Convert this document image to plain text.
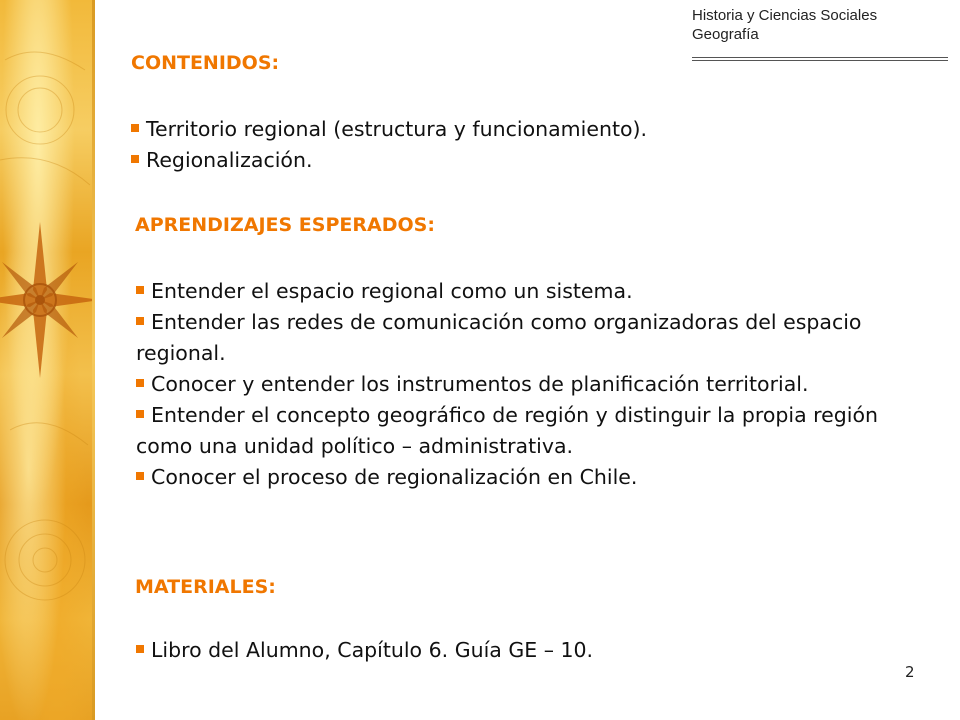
Historia y Ciencias Sociales
Geografía
CONTENIDOS:
Territorio regional (estructura y funcionamiento).
Regionalización.
APRENDIZAJES ESPERADOS:
Entender el espacio regional como un sistema.
Entender las redes de comunicación como organizadoras del espacio regional.
Conocer y entender los instrumentos de planificación territorial.
Entender el concepto geográfico de región y distinguir la propia región como una unidad político – administrativa.
Conocer el proceso de regionalización en Chile.
MATERIALES:
Libro del Alumno, Capítulo 6. Guía GE – 10.
2
